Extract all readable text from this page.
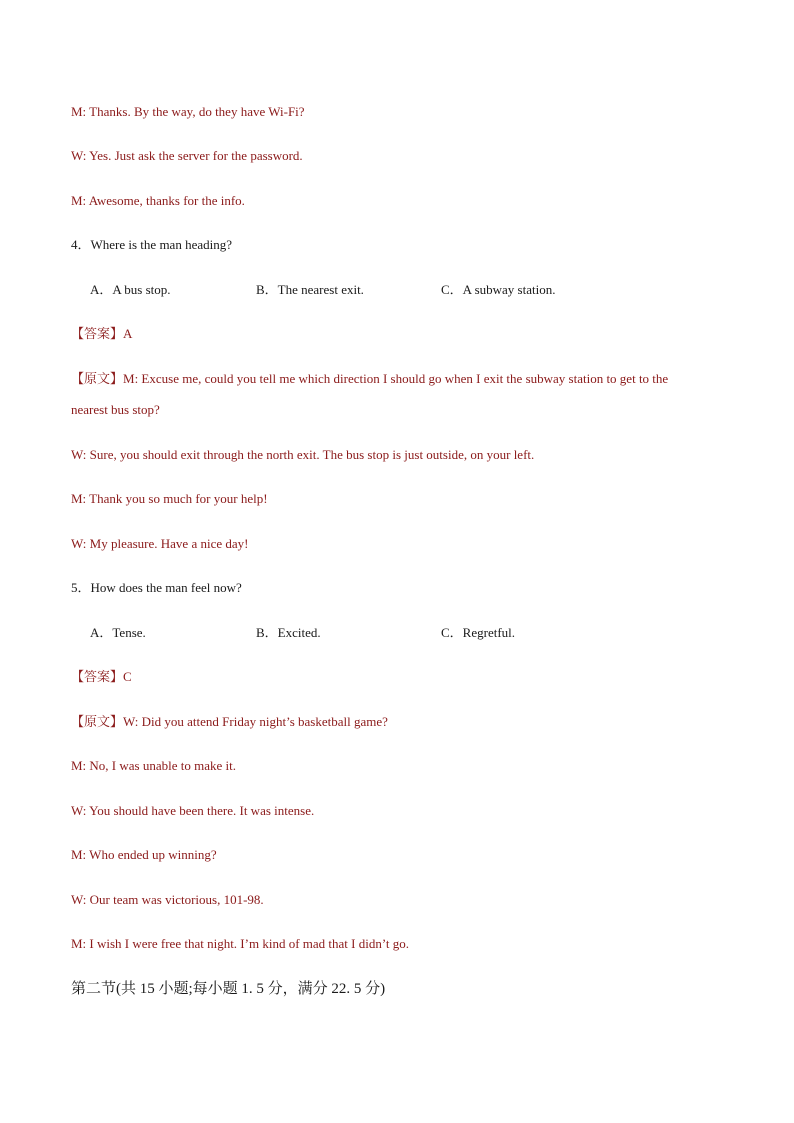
M: Thanks. By the way, do they have Wi-Fi?
W: Yes. Just ask the server for the password.
M: Awesome, thanks for the info.
4．Where is the man heading?
A．A bus stop.	B．The nearest exit.	C．A subway station.
【答案】A
【原文】M: Excuse me, could you tell me which direction I should go when I exit the subway station to get to the
nearest bus stop?
W: Sure, you should exit through the north exit. The bus stop is just outside, on your left.
M: Thank you so much for your help!
W: My pleasure. Have a nice day!
5．How does the man feel now?
A．Tense.	B．Excited.	C．Regretful.
【答案】C
【原文】W: Did you attend Friday night’s basketball game?
M: No, I was unable to make it.
W: You should have been there. It was intense.
M: Who ended up winning?
W: Our team was victorious, 101-98.
M: I wish I were free that night. I’m kind of mad that I didn’t go.
第二节(共 15 小题;每小题 1. 5 分，满分 22. 5 分)
